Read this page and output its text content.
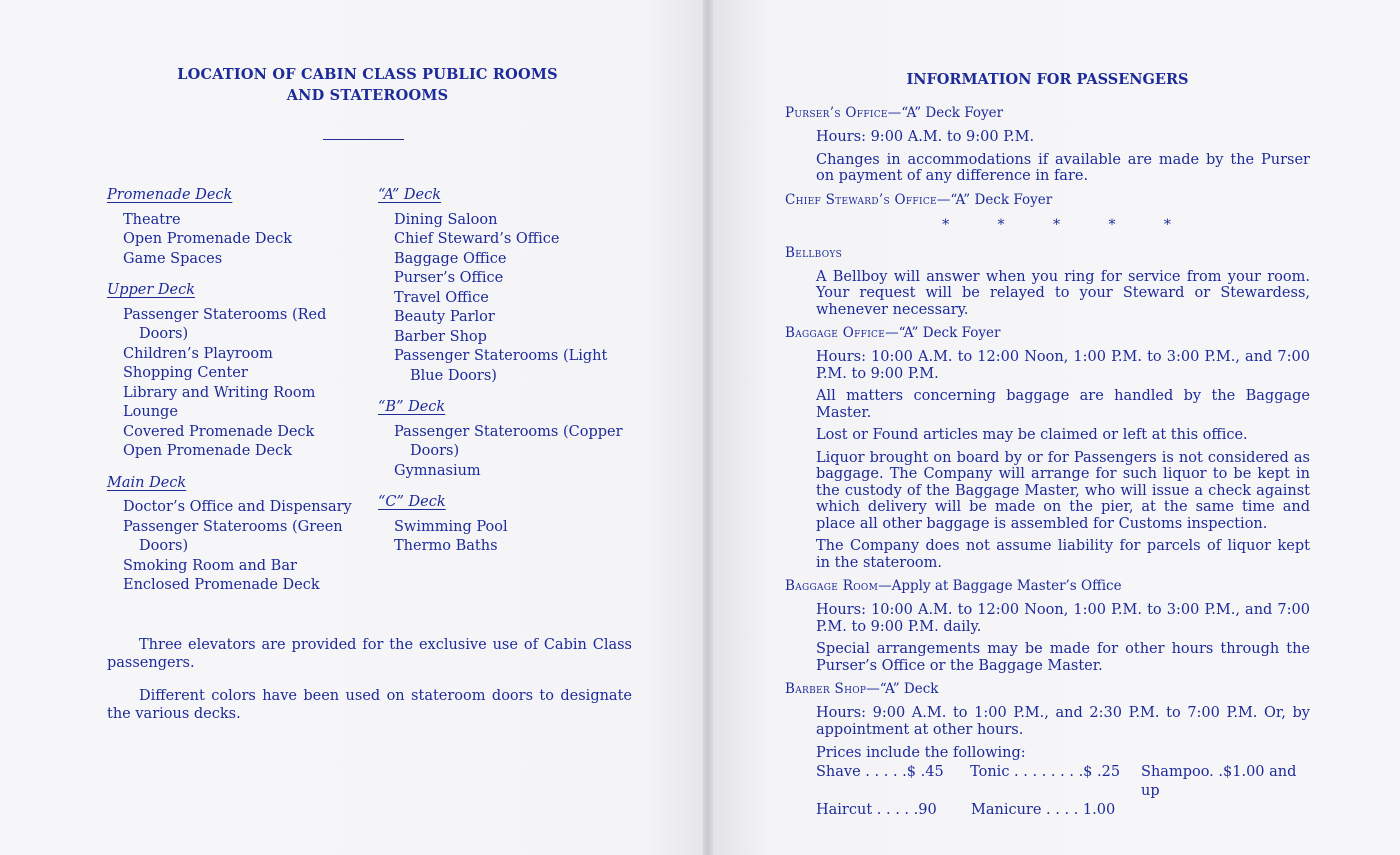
LOCATION OF CABIN CLASS PUBLIC ROOMS
AND STATEROOMS
Promenade Deck
Theatre
Open Promenade Deck
Game Spaces
Upper Deck
Passenger Staterooms (Red Doors)
Children’s Playroom
Shopping Center
Library and Writing Room
Lounge
Covered Promenade Deck
Open Promenade Deck
Main Deck
Doctor’s Office and Dispensary
Passenger Staterooms (Green Doors)
Smoking Room and Bar
Enclosed Promenade Deck
“A” Deck
Dining Saloon
Chief Steward’s Office
Baggage Office
Purser’s Office
Travel Office
Beauty Parlor
Barber Shop
Passenger Staterooms (Light Blue Doors)
“B” Deck
Passenger Staterooms (Copper Doors)
Gymnasium
“C” Deck
Swimming Pool
Thermo Baths

Three elevators are provided for the exclusive use of Cabin Class passengers.

Different colors have been used on stateroom doors to designate the various decks.

INFORMATION FOR PASSENGERS
Purser’s Office—“A” Deck Foyer

Hours: 9:00 A.M. to 9:00 P.M.

Changes in accommodations if available are made by the Purser on payment of any difference in fare.

Chief Steward’s Office—“A” Deck Foyer
* * * * *
Bellboys

A Bellboy will answer when you ring for service from your room. Your request will be relayed to your Steward or Stewardess, whenever necessary.

Baggage Office—“A” Deck Foyer

Hours: 10:00 A.M. to 12:00 Noon, 1:00 P.M. to 3:00 P.M., and 7:00 P.M. to 9:00 P.M.

All matters concerning baggage are handled by the Baggage Master.

Lost or Found articles may be claimed or left at this office.

Liquor brought on board by or for Passengers is not considered as baggage. The Company will arrange for such liquor to be kept in the custody of the Baggage Master, who will issue a check against which delivery will be made on the pier, at the same time and place all other baggage is assembled for Customs inspection.

The Company does not assume liability for parcels of liquor kept in the stateroom.

Baggage Room—Apply at Baggage Master’s Office

Hours: 10:00 A.M. to 12:00 Noon, 1:00 P.M. to 3:00 P.M., and 7:00 P.M. to 9:00 P.M. daily.

Special arrangements may be made for other hours through the Purser’s Office or the Baggage Master.

Barber Shop—“A” Deck

Hours: 9:00 A.M. to 1:00 P.M., and 2:30 P.M. to 7:00 P.M. Or, by appointment at other hours.

Prices include the following:
Shave . . . . .$ .45	Tonic . . . . . . . .$ .25	Shampoo. .$1.00 and up
Haircut . . . . .90	Manicure . . . . 1.00
